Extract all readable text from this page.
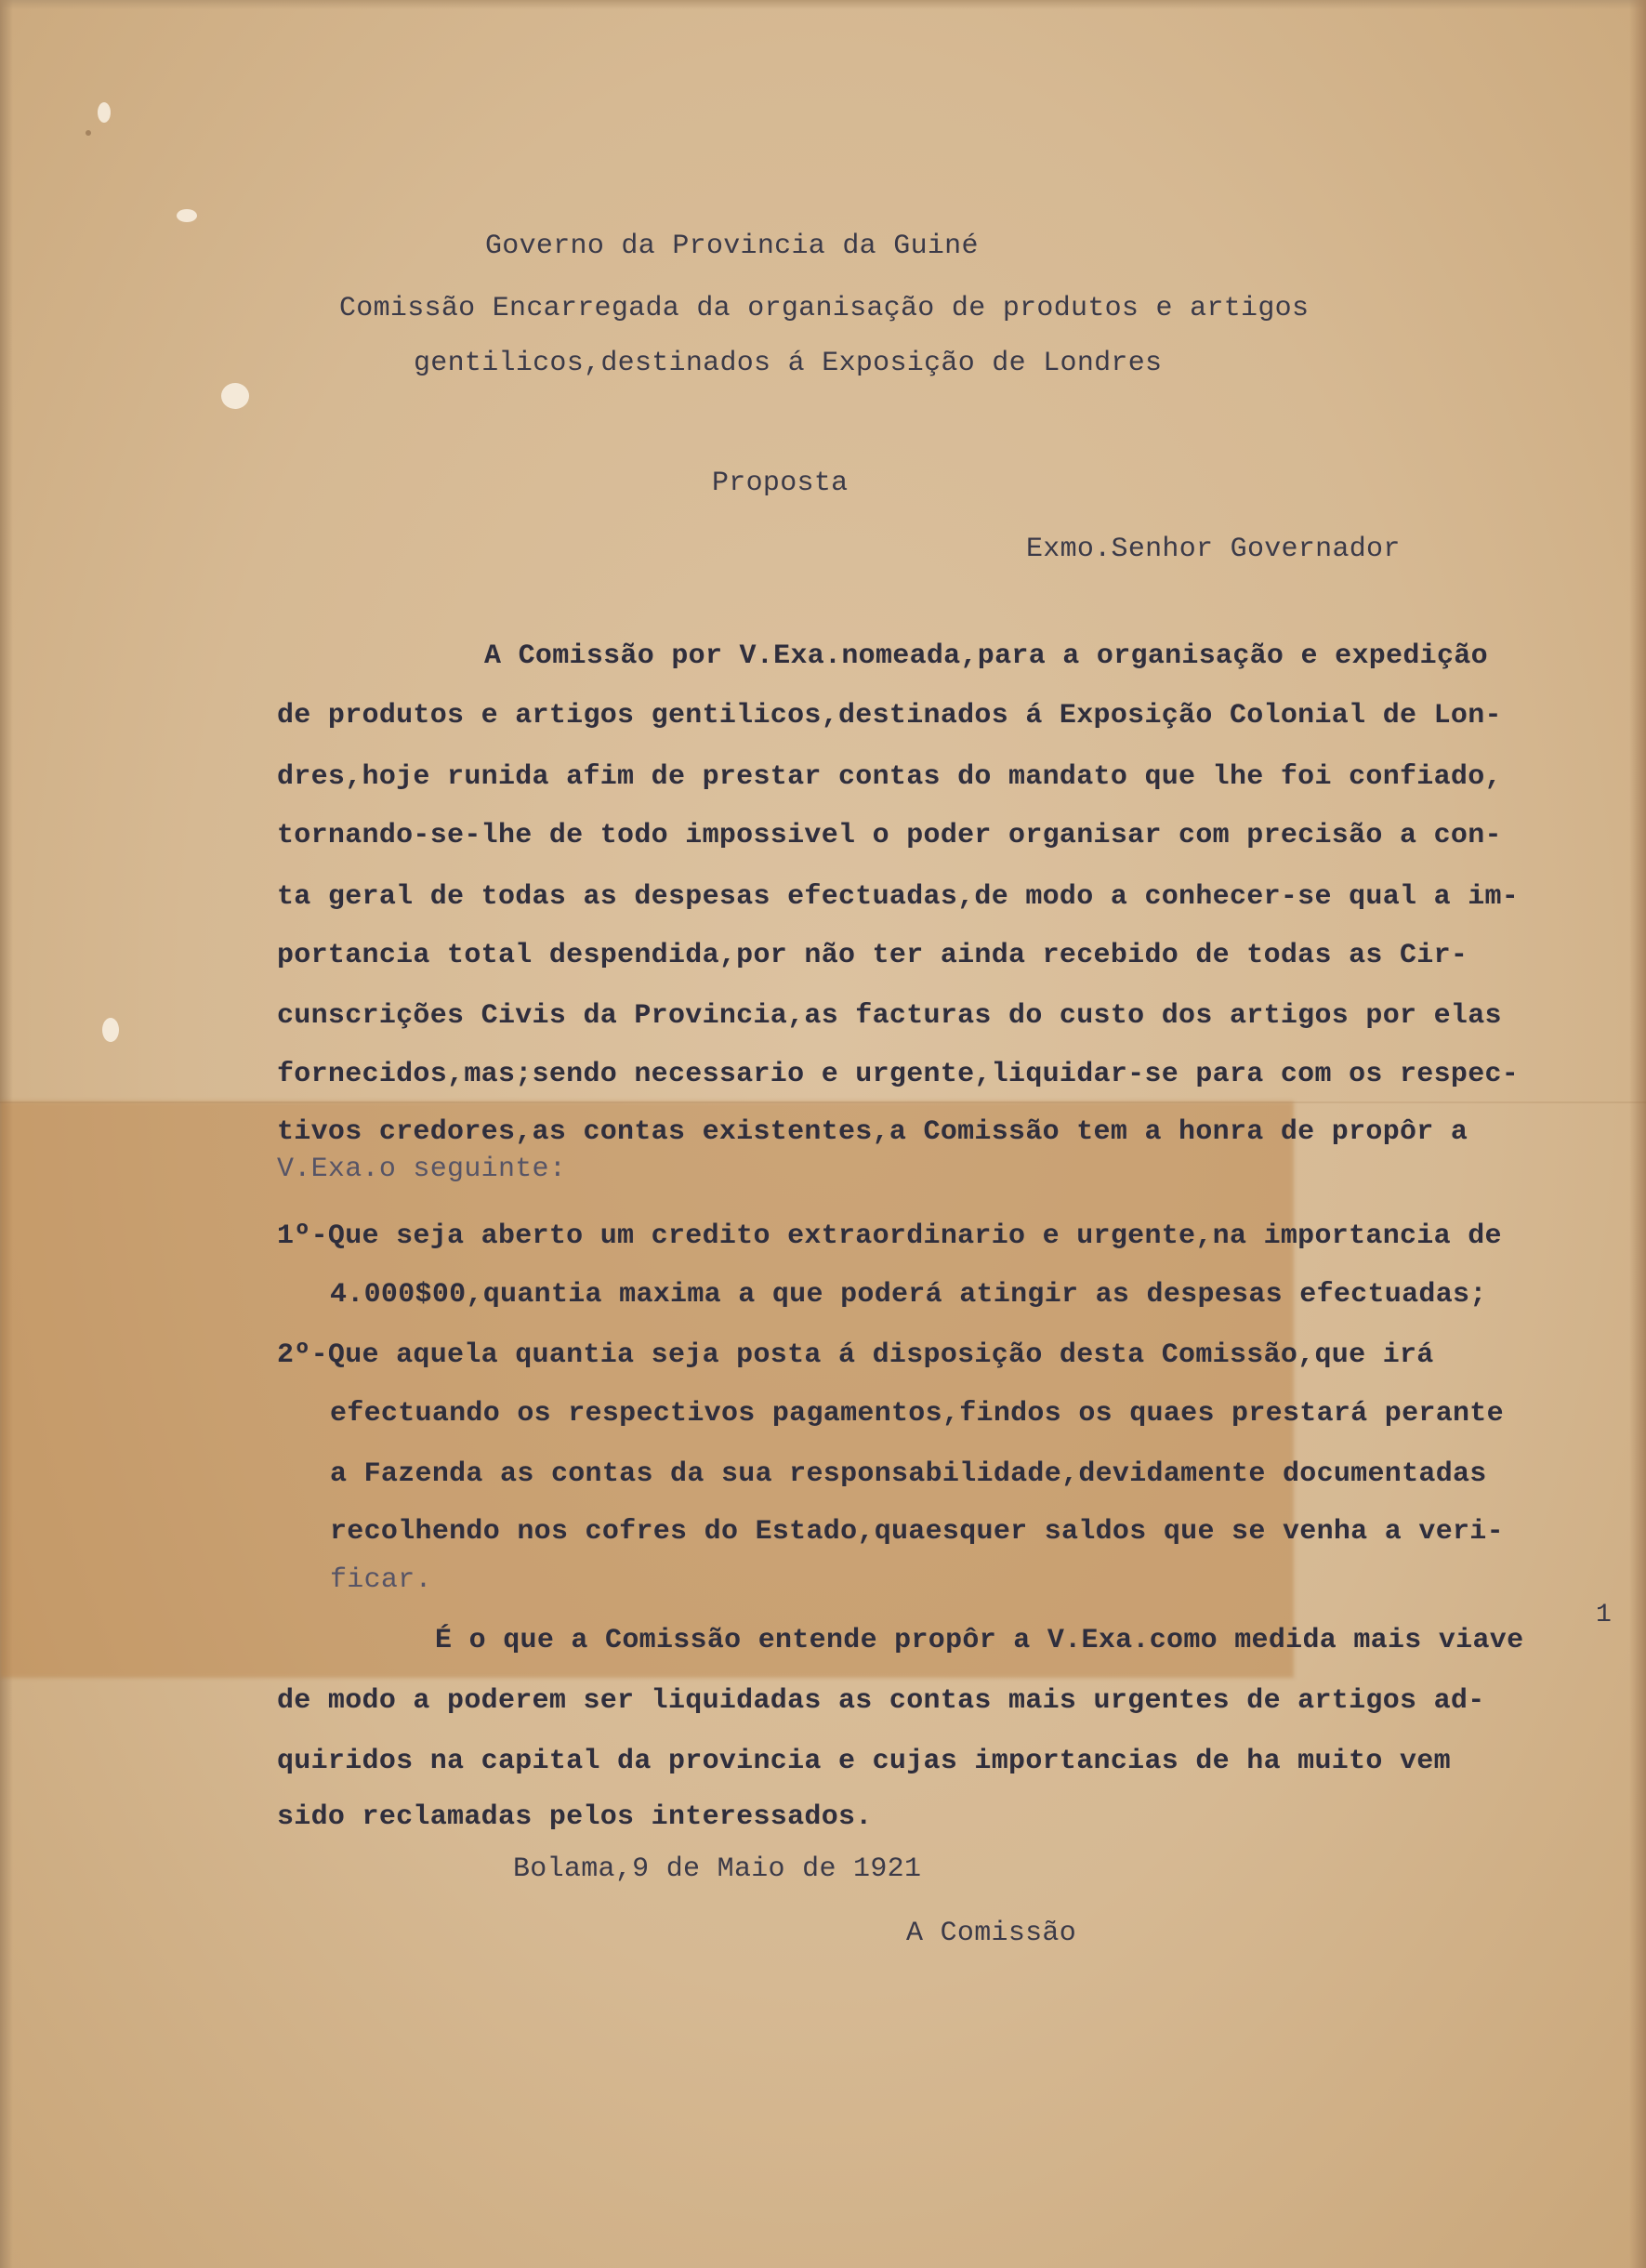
Governo da Provincia da Guiné
Comissão Encarregada da organisação de produtos e artigos
gentilicos,destinados á Exposição de Londres
Proposta
Exmo.Senhor Governador
A Comissão por V.Exa.nomeada,para a organisação e expedição
de produtos e artigos gentilicos,destinados á Exposição Colonial de Lon-
dres,hoje runida afim de prestar contas do mandato que lhe foi confiado,
tornando-se-lhe de todo impossivel o poder organisar com precisão a con-
ta geral de todas as despesas efectuadas,de modo a conhecer-se qual a im-
portancia total despendida,por não ter ainda recebido de todas as Cir-
cunscrições Civis da Provincia,as facturas do custo dos artigos por elas
fornecidos,mas;sendo necessario e urgente,liquidar-se para com os respec-
tivos credores,as contas existentes,a Comissão tem a honra de propôr a
V.Exa.o seguinte:
1º-Que seja aberto um credito extraordinario e urgente,na importancia de
4.000$00,quantia maxima a que poderá atingir as despesas efectuadas;
2º-Que aquela quantia seja posta á disposição desta Comissão,que irá
efectuando os respectivos pagamentos,findos os quaes prestará perante
a Fazenda as contas da sua responsabilidade,devidamente documentadas
recolhendo nos cofres do Estado,quaesquer saldos que se venha a veri-
ficar.
1
É o que a Comissão entende propôr a V.Exa.como medida mais viave
de modo a poderem ser liquidadas as contas mais urgentes de artigos ad-
quiridos na capital da provincia e cujas importancias de ha muito vem
sido reclamadas pelos interessados.
Bolama,9 de Maio de 1921
A Comissão
